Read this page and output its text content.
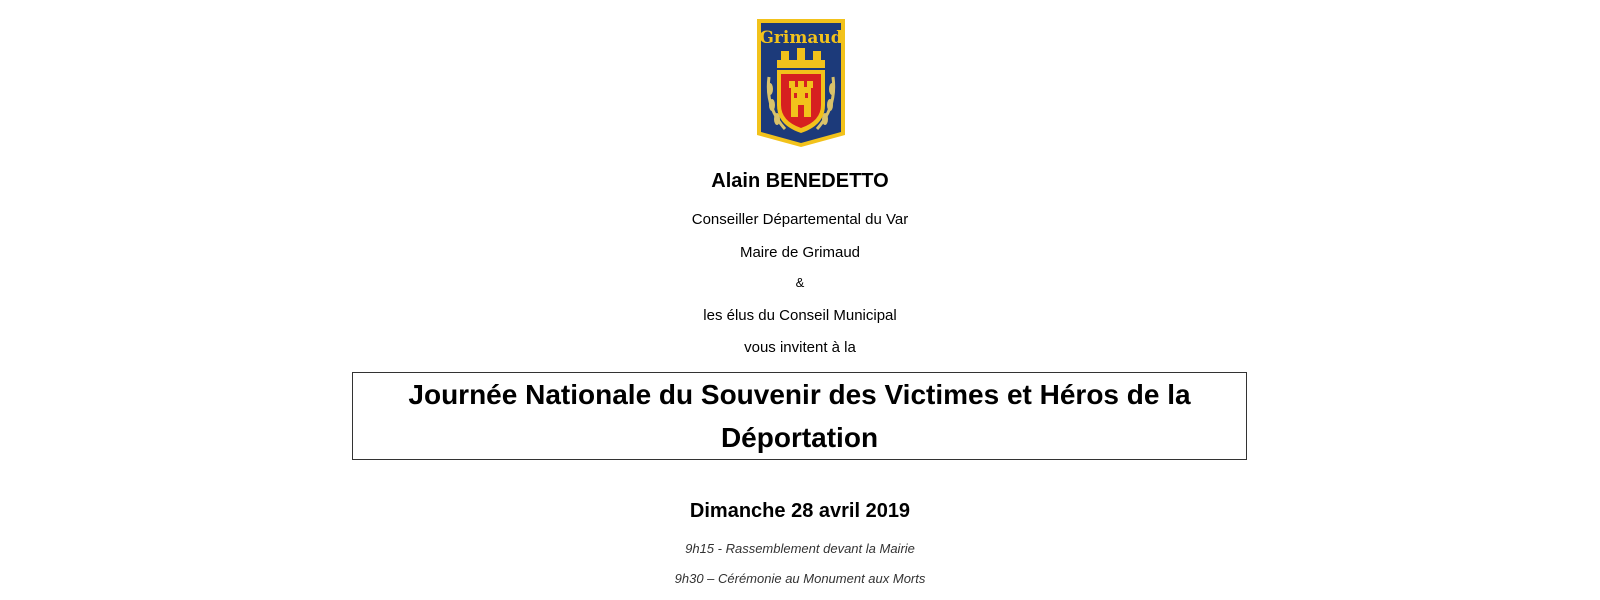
Grimaud
Alain BENEDETTO
Conseiller Départemental du Var
Maire de Grimaud
&
les élus du Conseil Municipal
vous invitent à la
Journée Nationale du Souvenir des Victimes et Héros de la Déportation
Dimanche 28 avril 2019
9h15 - Rassemblement devant la Mairie
9h30 – Cérémonie au Monument aux Morts
